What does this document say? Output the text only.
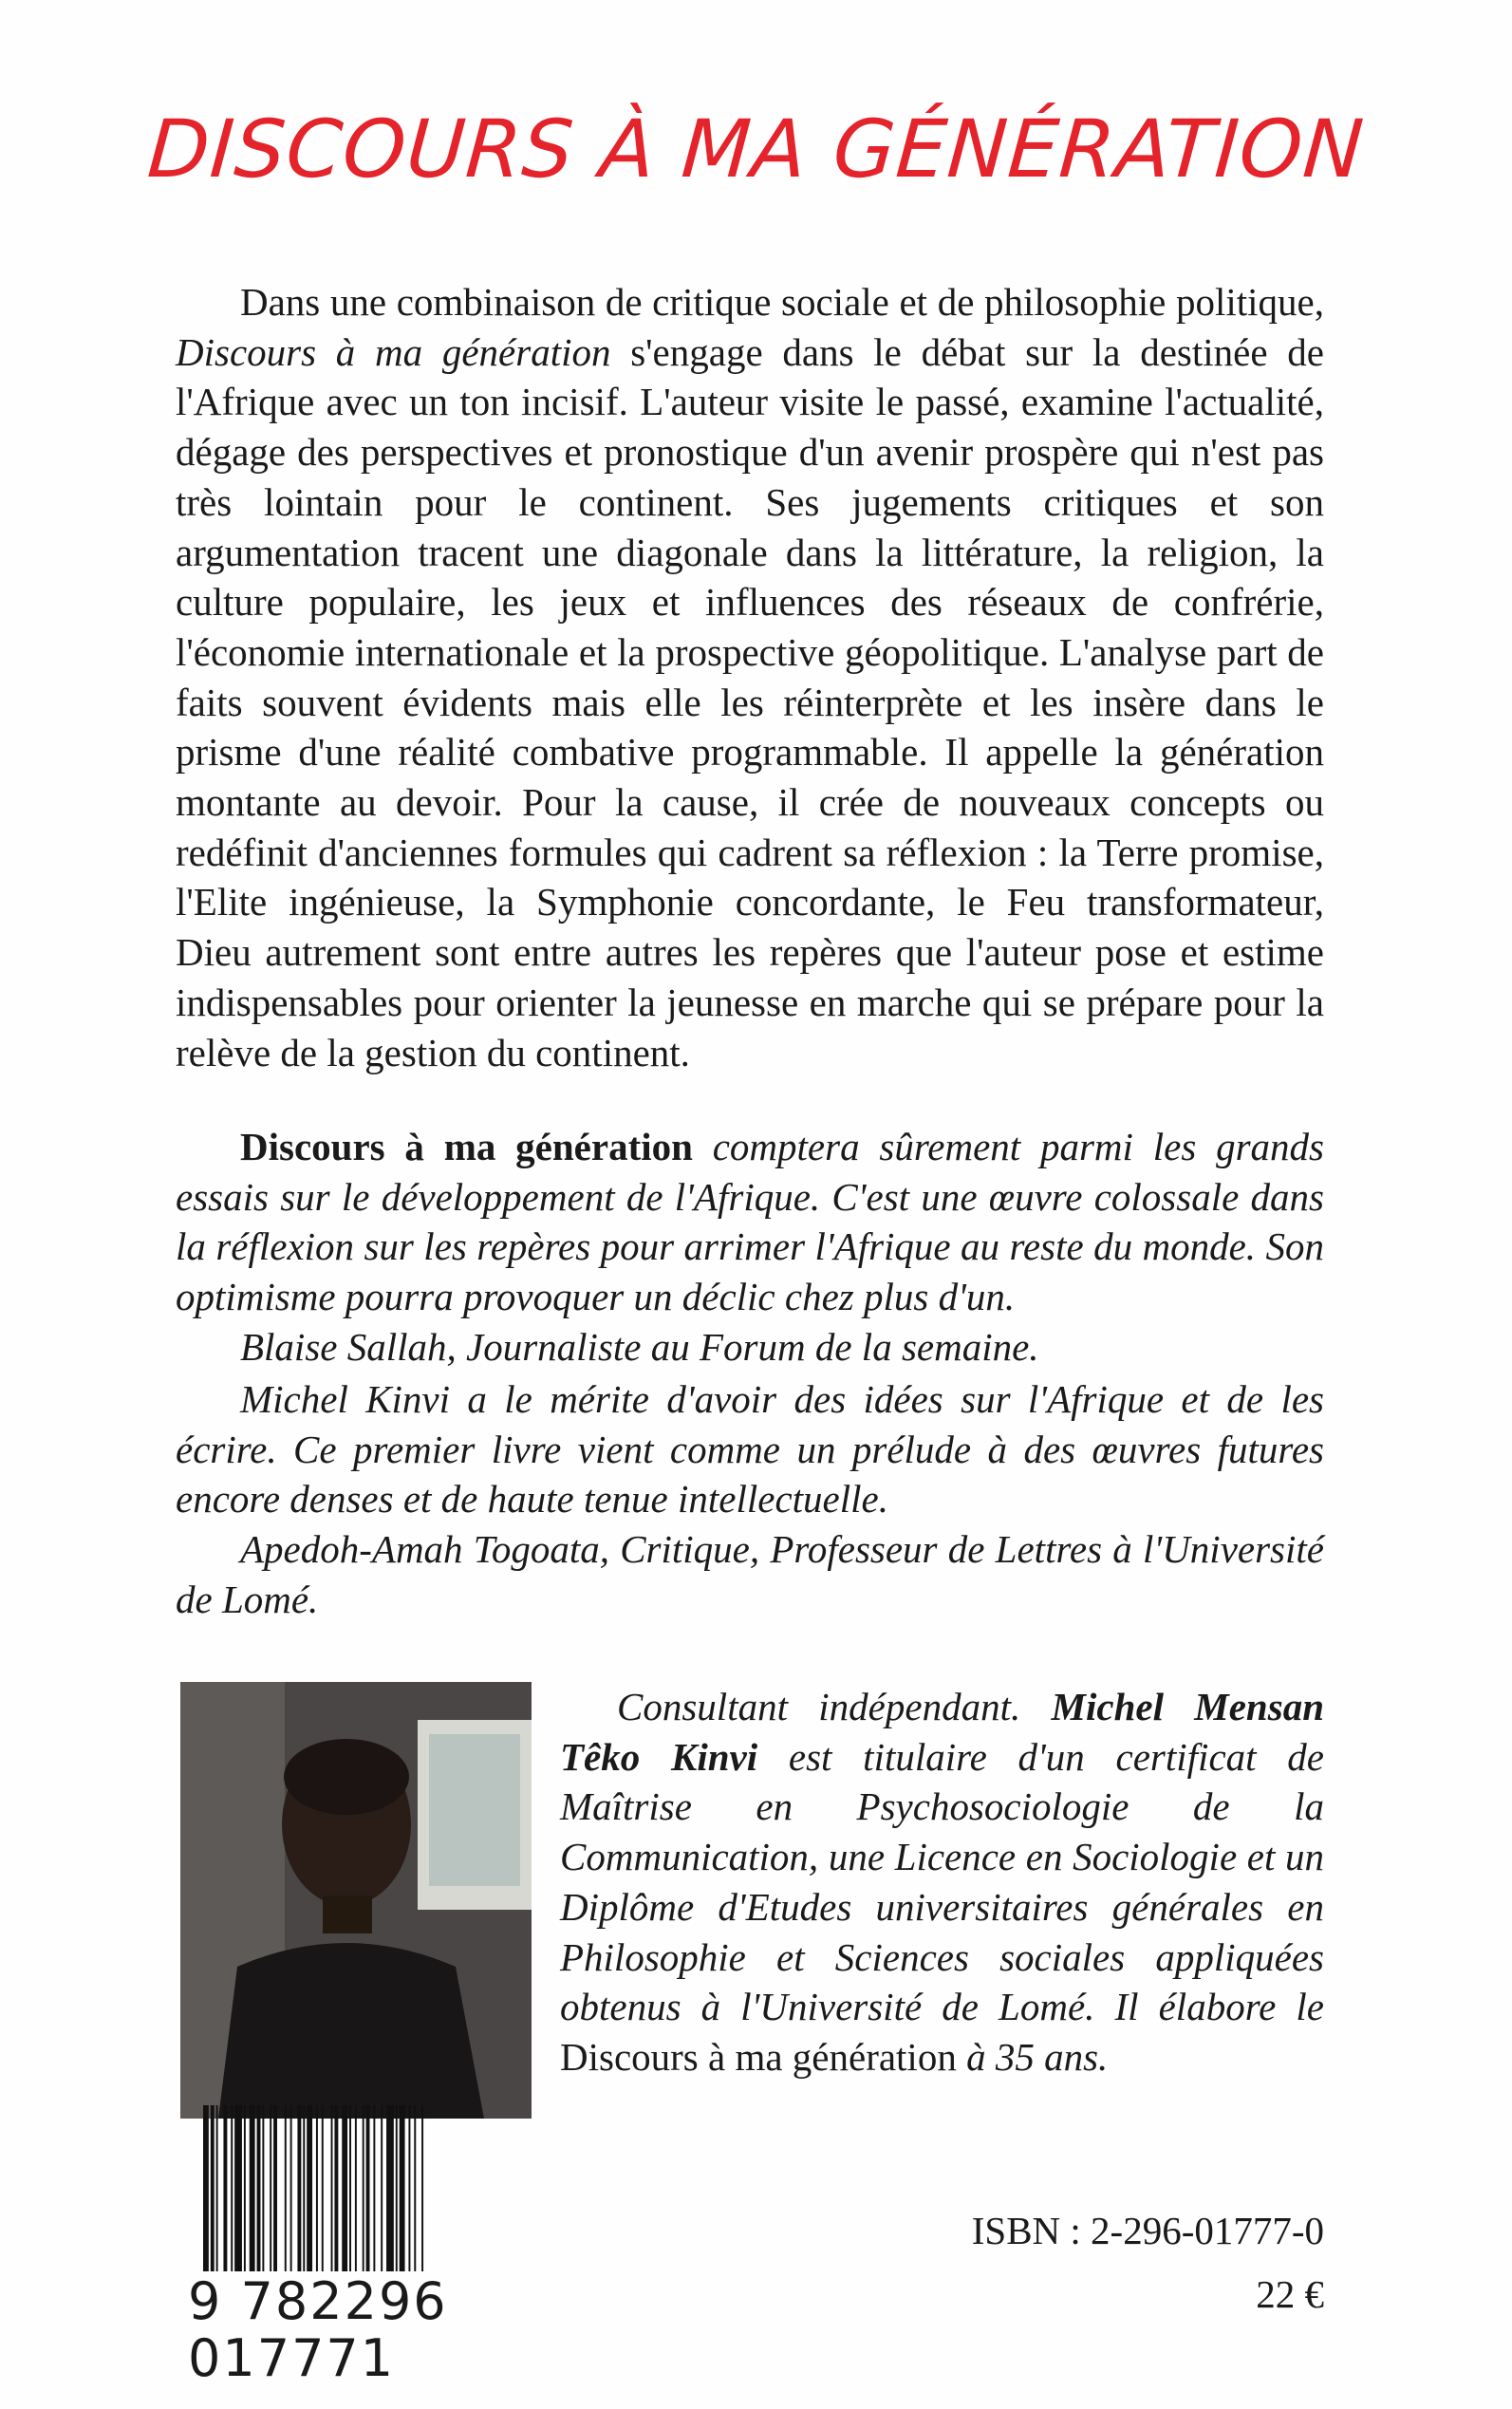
DISCOURS À MA GÉNÉRATION
Dans une combinaison de critique sociale et de philosophie politique, Discours à ma génération s'engage dans le débat sur la destinée de l'Afrique avec un ton incisif. L'auteur visite le passé, examine l'actualité, dégage des perspectives et pronostique d'un avenir prospère qui n'est pas très lointain pour le continent. Ses jugements critiques et son argumentation tracent une diagonale dans la littérature, la religion, la culture populaire, les jeux et influences des réseaux de confrérie, l'économie internationale et la prospective géopolitique. L'analyse part de faits souvent évidents mais elle les réinterprète et les insère dans le prisme d'une réalité combative programmable. Il appelle la génération montante au devoir. Pour la cause, il crée de nouveaux concepts ou redéfinit d'anciennes formules qui cadrent sa réflexion : la Terre promise, l'Elite ingénieuse, la Symphonie concordante, le Feu transformateur, Dieu autrement sont entre autres les repères que l'auteur pose et estime indispensables pour orienter la jeunesse en marche qui se prépare pour la relève de la gestion du continent.

Discours à ma génération comptera sûrement parmi les grands essais sur le développement de l'Afrique. C'est une œuvre colossale dans la réflexion sur les repères pour arrimer l'Afrique au reste du monde. Son optimisme pourra provoquer un déclic chez plus d'un.

Blaise Sallah, Journaliste au Forum de la semaine.

Michel Kinvi a le mérite d'avoir des idées sur l'Afrique et de les écrire. Ce premier livre vient comme un prélude à des œuvres futures encore denses et de haute tenue intellectuelle.

Apedoh-Amah Togoata, Critique, Professeur de Lettres à l'Université de Lomé.

Consultant indépendant. Michel Mensan Têko Kinvi est titulaire d'un certificat de Maîtrise en Psychosociologie de la Communication, une Licence en Sociologie et un Diplôme d'Etudes universitaires générales en Philosophie et Sciences sociales appliquées obtenus à l'Université de Lomé. Il élabore le Discours à ma génération à 35 ans.
9 782296 017771
ISBN : 2-296-01777-0
22 €
